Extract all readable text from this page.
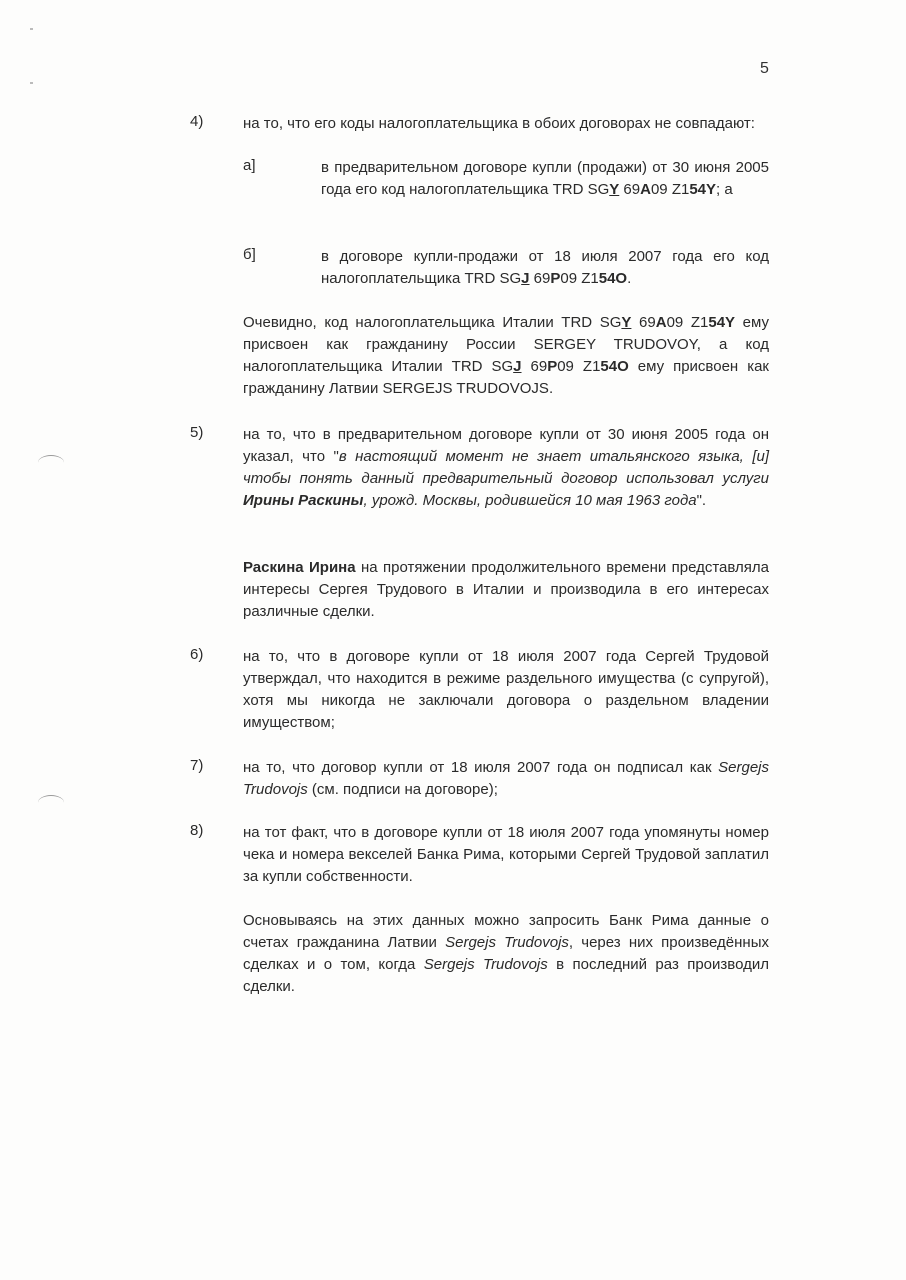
5
4)	на то, что его коды налогоплательщика в обоих договорах не совпадают:
а]	в предварительном договоре купли (продажи) от 30 июня 2005 года его код налогоплательщика TRD SGY 69A09 Z154Y; а
б]	в договоре купли-продажи от 18 июля 2007 года его код налогоплательщика TRD SGJ 69P09 Z154O.
Очевидно, код налогоплательщика Италии TRD SGY 69A09 Z154Y ему присвоен как гражданину России SERGEY TRUDOVOY, а код налогоплательщика Италии TRD SGJ 69P09 Z154O ему присвоен как гражданину Латвии SERGEJS TRUDOVOJS.
5)	на то, что в предварительном договоре купли от 30 июня 2005 года он указал, что "в настоящий момент не знает итальянского языка, [и] чтобы понять данный предварительный договор использовал услуги Ирины Раскины, урожд. Москвы, родившейся 10 мая 1963 года".
Раскина Ирина на протяжении продолжительного времени представляла интересы Сергея Трудового в Италии и производила в его интересах различные сделки.
6)	на то, что в договоре купли от 18 июля 2007 года Сергей Трудовой утверждал, что находится в режиме раздельного имущества (с супругой), хотя мы никогда не заключали договора о раздельном владении имуществом;
7)	на то, что договор купли от 18 июля 2007 года он подписал как Sergejs Trudovojs (см. подписи на договоре);
8)	на тот факт, что в договоре купли от 18 июля 2007 года упомянуты номер чека и номера векселей Банка Рима, которыми Сергей Трудовой заплатил за купли собственности.
Основываясь на этих данных можно запросить Банк Рима данные о счетах гражданина Латвии Sergejs Trudovojs, через них произведённых сделках и о том, когда Sergejs Trudovojs в последний раз производил сделки.
